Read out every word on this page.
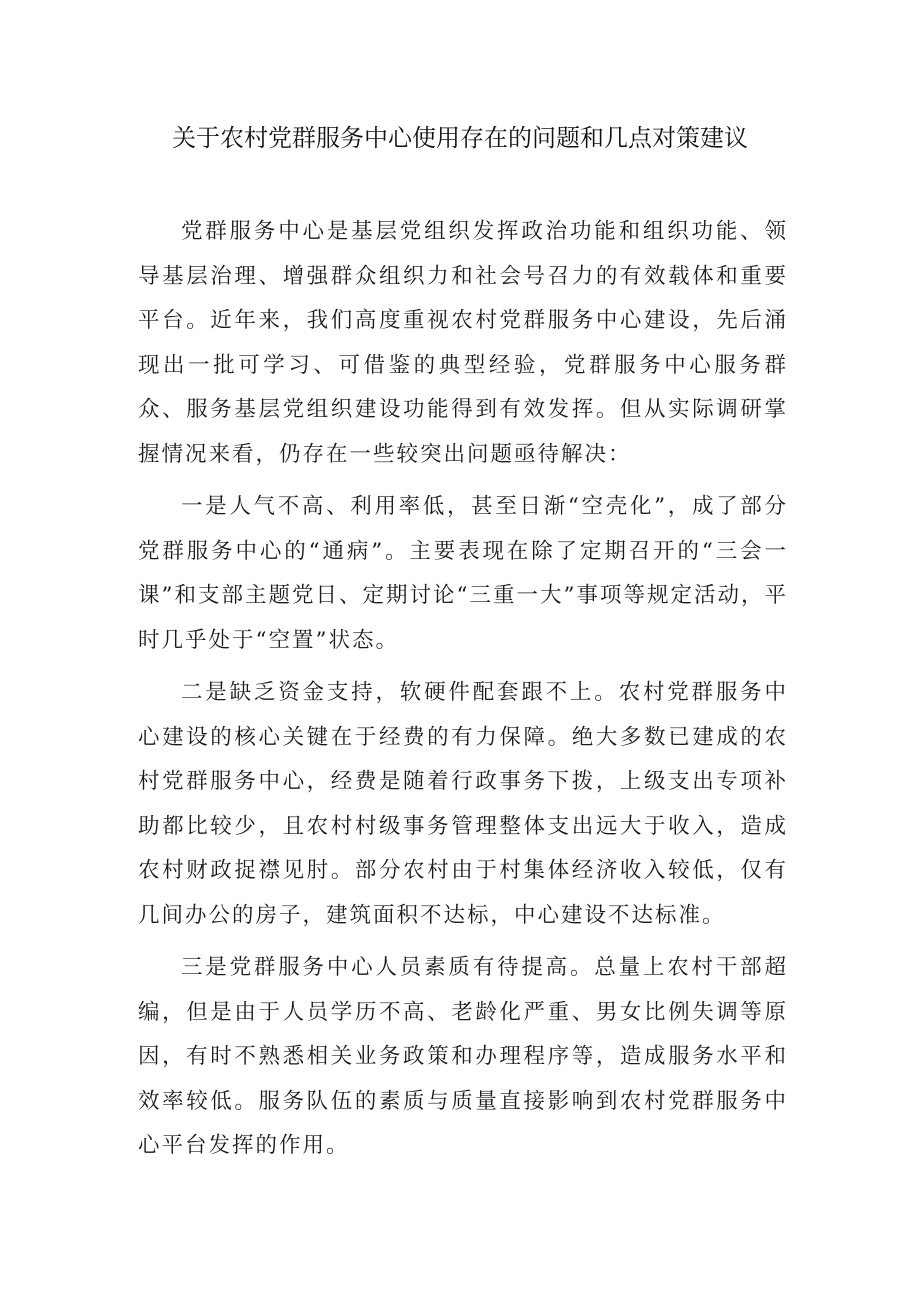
关于农村党群服务中心使用存在的问题和几点对策建议

党群服务中心是基层党组织发挥政治功能和组织功能、领导基层治理、增强群众组织力和社会号召力的有效载体和重要平台。近年来，我们高度重视农村党群服务中心建设，先后涌现出一批可学习、可借鉴的典型经验，党群服务中心服务群众、服务基层党组织建设功能得到有效发挥。但从实际调研掌握情况来看，仍存在一些较突出问题亟待解决：

一是人气不高、利用率低，甚至日渐“空壳化”，成了部分党群服务中心的“通病”。主要表现在除了定期召开的“三会一课”和支部主题党日、定期讨论“三重一大”事项等规定活动，平时几乎处于“空置”状态。

二是缺乏资金支持，软硬件配套跟不上。农村党群服务中心建设的核心关键在于经费的有力保障。绝大多数已建成的农村党群服务中心，经费是随着行政事务下拨，上级支出专项补助都比较少，且农村村级事务管理整体支出远大于收入，造成农村财政捉襟见肘。部分农村由于村集体经济收入较低，仅有几间办公的房子，建筑面积不达标，中心建设不达标准。

三是党群服务中心人员素质有待提高。总量上农村干部超编，但是由于人员学历不高、老龄化严重、男女比例失调等原因，有时不熟悉相关业务政策和办理程序等，造成服务水平和效率较低。服务队伍的素质与质量直接影响到农村党群服务中心平台发挥的作用。
